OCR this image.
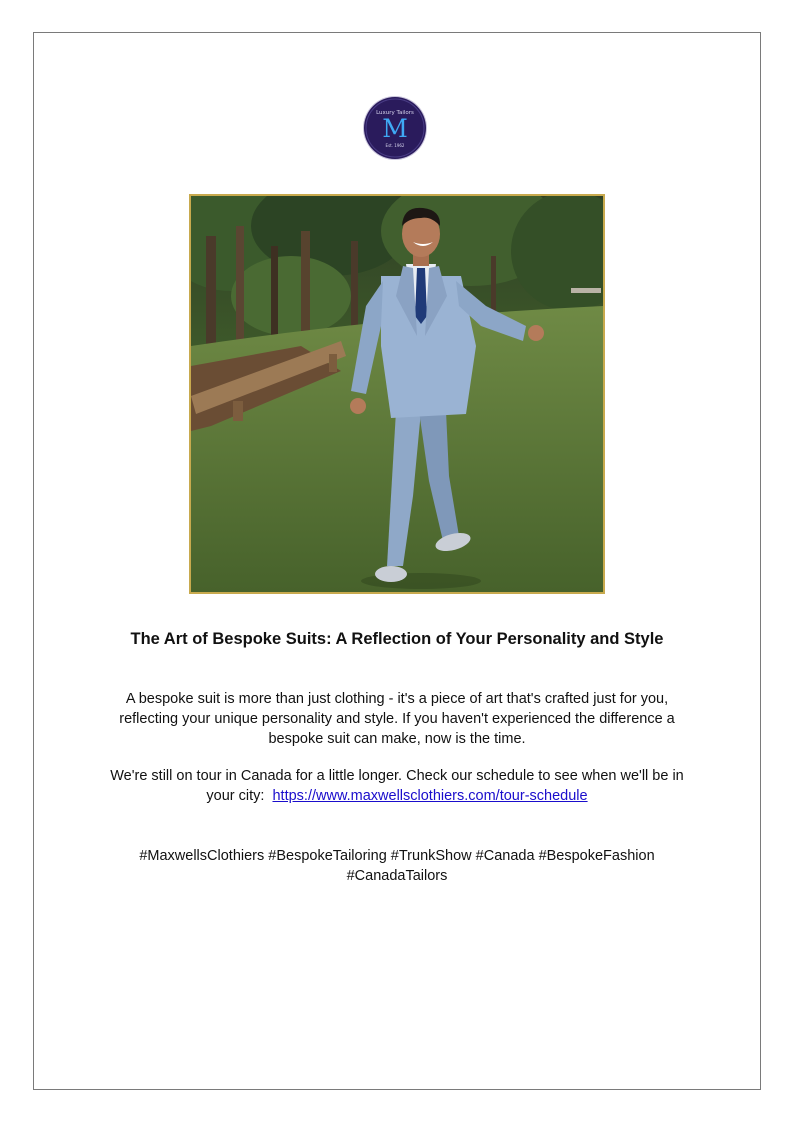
Luxury Tailors
M
Est. 1962
The Art of Bespoke Suits: A Reflection of Your Personality and Style
A bespoke suit is more than just clothing - it's a piece of art that's crafted just for you, reflecting your unique personality and style. If you haven't experienced the difference a bespoke suit can make, now is the time.
We're still on tour in Canada for a little longer. Check our schedule to see when we'll be in your city: https://www.maxwellsclothiers.com/tour-schedule
#MaxwellsClothiers #BespokeTailoring #TrunkShow #Canada #BespokeFashion #CanadaTailors
